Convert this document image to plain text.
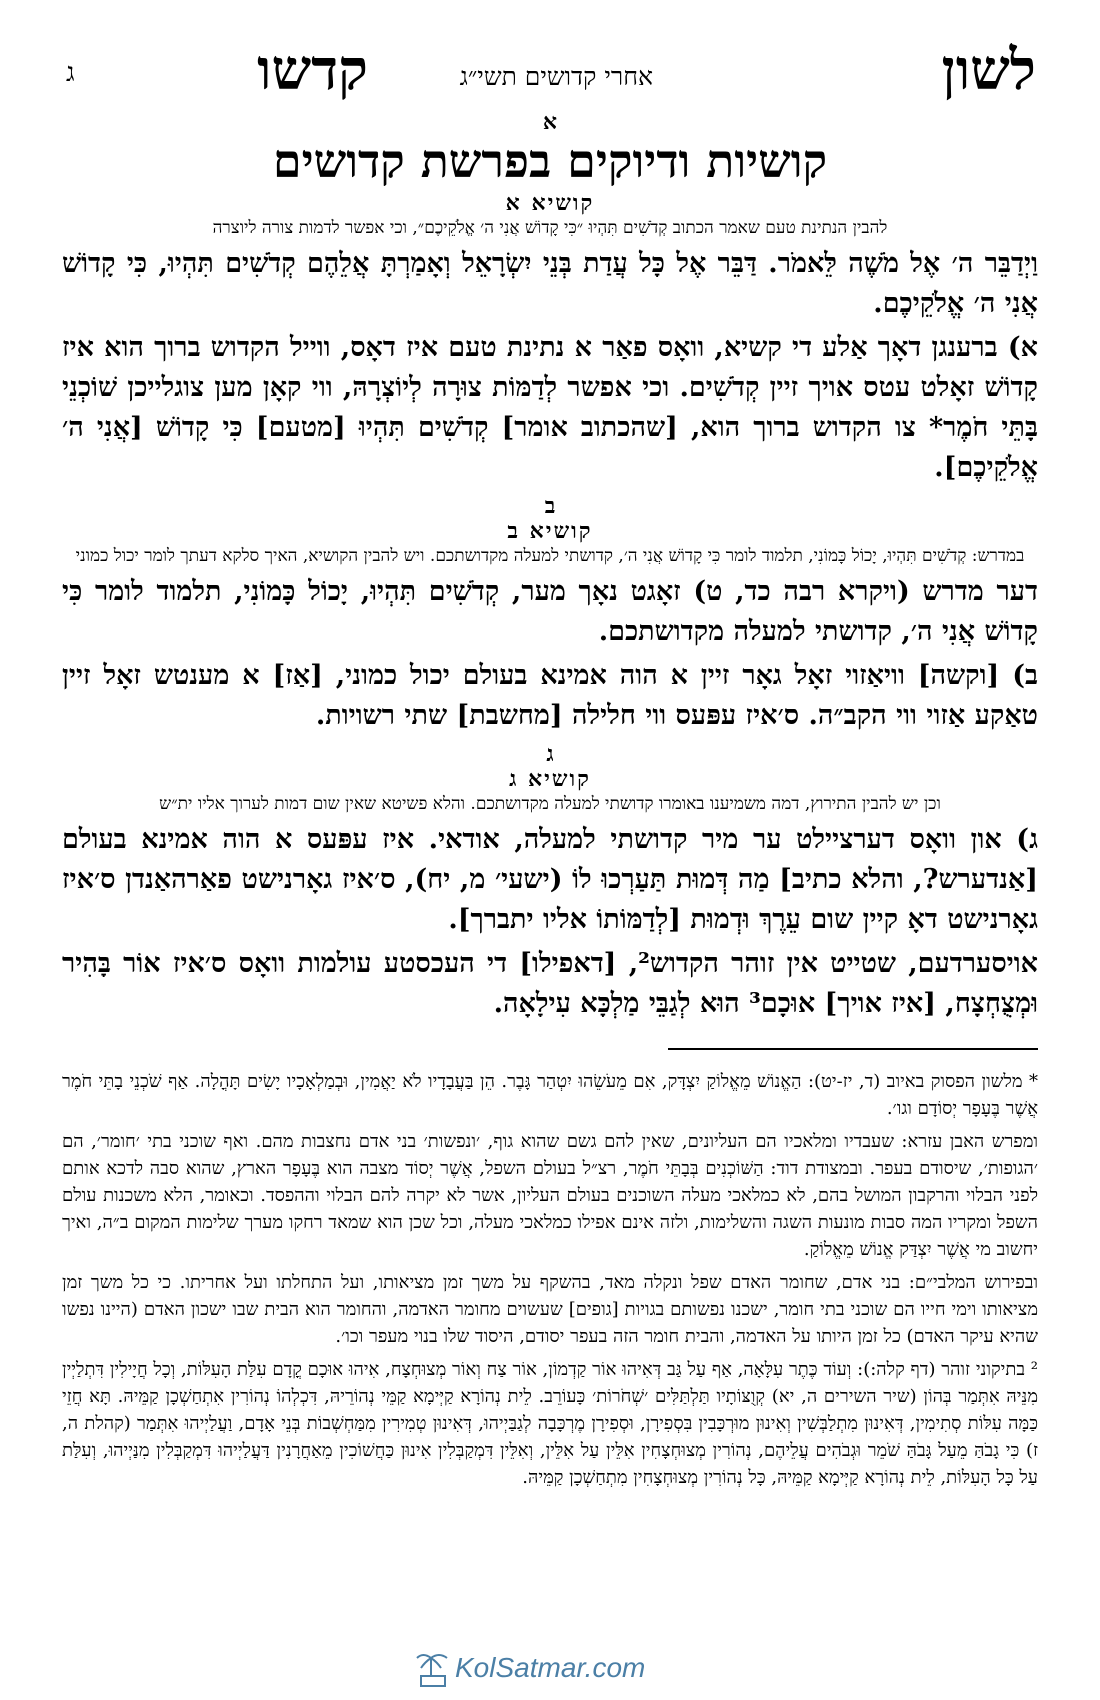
לשון
אחרי קדושים תשי״ג
קדשו
ג

א

קושיות ודיוקים בפרשת קדושים

קושיא א

להבין הנתינת טעם שאמר הכתוב קְדֹשִׁים תִּהְיוּ ״כִּי קָדוֹשׁ אֲנִי ה׳ אֱלֹקֵיכֶם״, וכי אפשר לדמות צורה ליוצרה

וַיְדַבֵּר ה׳ אֶל מֹשֶׁה לֵּאמֹר. דַּבֵּר אֶל כָּל עֲדַת בְּנֵי יִשְׂרָאֵל וְאָמַרְתָּ אֲלֵהֶם קְדֹשִׁים תִּהְיוּ, כִּי קָדוֹשׁ אֲנִי ה׳ אֱלֹקֵיכֶם.

א) ברענגן דאָך אַלע די קשיא, וואָס פאַר א נתינת טעם איז דאָס, ווייל הקדוש ברוך הוא איז קָדוֹשׁ זאָלט עטס אויך זיין קְדֹשִׁים. וכי אפשר לְדַמּוֹת צוּרָה לְיוֹצְרָהּ, ווי קאָן מען צוגלייכן שׁוֹכְנֵי בָּתֵּי חֹמֶר* צו הקדוש ברוך הוא, [שהכתוב אומר] קְדֹשִׁים תִּהְיוּ [מטעם] כִּי קָדוֹשׁ [אֲנִי ה׳ אֱלֹקֵיכֶם].

ב

קושיא ב

במדרש: קְדֹשִׁים תִּהְיוּ, יָכוֹל כָּמוֹנִי, תלמוד לומר כִּי קָדוֹשׁ אֲנִי ה׳, קדושתי למעלה מקדושתכם. ויש להבין הקושיא, האיך סלקא דעתך לומר יכול כמוני

דער מדרש (ויקרא רבה כד, ט) זאָגט נאָך מער, קְדֹשִׁים תִּהְיוּ, יָכוֹל כָּמוֹנִי, תלמוד לומר כִּי קָדוֹשׁ אֲנִי ה׳, קדושתי למעלה מקדושתכם.

ב) [וקשה] וויאַזוי זאָל גאָר זיין א הוה אמינא בעולם יכול כמוני, [אַז] א מענטש זאָל זיין טאַקע אַזוי ווי הקב״ה. ס׳איז עפּעס ווי חלילה [מחשבת] שתי רשויות.

ג

קושיא ג

וכן יש להבין התירוץ, דמה משמיענו באומרו קדושתי למעלה מקדושתכם. והלא פשיטא שאין שום דמות לערוך אליו ית״ש

ג) און וואָס דערציילט ער מיר קדושתי למעלה, אודאי. איז עפּעס א הוה אמינא בעולם [אַנדערש?, והלא כתיב] מַה דְּמוּת תַּעַרְכוּ לוֹ (ישעי׳ מ, יח), ס׳איז גאָרנישט פאַרהאַנדן ס׳איז גאָרנישט דאָ קיין שום עֵרֶךְ וּדְמוּת [לְדַמּוֹתוֹ אליו יתברך].

אויסערדעם, שטייט אין זוהר הקדוש², [דאפילו] די העכסטע עולמות וואָס ס׳איז אוֹר בָּהִיר וּמְצֻחְצָח, [איז אויך] אוּכָם³ הוּא לְגַבֵּי מַלְכָּא עִילָאָה.

* מלשון הפסוק באיוב (ד, יז-יט): הַאֱנוֹשׁ מֵאֱלוֹקַ יִצְדָּק, אִם מֵעֹשֵׂהוּ יִטְהַר גָּבֶר. הֵן בַּעֲבָדָיו לֹא יַאֲמִין, וּבְמַלְאָכָיו יָשִׂים תָּהֳלָה. אַף שֹׁכְנֵי בָתֵּי חֹמֶר אֲשֶׁר בֶּעָפָר יְסוֹדָם וגו׳.

ומפרש האבן עזרא: שעבדיו ומלאכיו הם העליונים, שאין להם גשם שהוא גוף, ׳ונפשות׳ בני אדם נחצבות מהם. ואף שוכני בתי ׳חומר׳, הם ׳הגופות׳, שיסודם בעפר. ובמצודת דוד: הַשּׁוֹכְנִים בְּבָתֵּי חֹמֶר, רצ״ל בעולם השפל, אֲשֶׁר יְסוֹד מצבה הוא בֶּעָפָר הארץ, שהוא סבה לדכא אותם לפני הבלוי והרקבון המושל בהם, לא כמלאכי מעלה השוכנים בעולם העליון, אשר לא יקרה להם הבלוי וההפסד. וכאומר, הלא משכנות עולם השפל ומקריו המה סבות מונעות השגה והשלימות, ולזה אינם אפילו כמלאכי מעלה, וכל שכן הוא שמאד רחקו מערך שלימות המקום ב״ה, ואיך יחשוב מי אֲשֶׁר יִצְדַּק אֱנוֹשׁ מֵאֱלוֹקַ.

ובפירוש המלבי״ם: בני אדם, שחומר האדם שפל ונקלה מאד, בהשקף על משך זמן מציאותו, ועל התחלתו ועל אחריתו. כי כל משך זמן מציאותו וימי חייו הם שוכני בתי חומר, ישכנו נפשותם בגויות [גופים] שעשוים מחומר האדמה, והחומר הוא הבית שבו ישכון האדם (היינו נפשו שהיא עיקר האדם) כל זמן היותו על האדמה, והבית חומר הזה בעפר יסודם, היסוד שלו בנוי מעפר וכו׳.

² בתיקוני זוהר (דף קלה:): וְעוֹד כֶּתֶר עִלָּאָה, אַף עַל גַּב דְּאִיהוּ אוֹר קַדְמוֹן, אוֹר צַח וְאוֹר מְצוּחְצָח, אִיהוּ אוּכָם קֳדָם עִלַּת הָעִלּוֹת, וְכָל חֲיָילִין דִּתְלַיְין מִנֵּיהּ אִתְּמַר בְּהוֹן (שיר השירים ה, יא) קְוֻצּוֹתָיו תַּלְתַּלִּים ׳שְׁחֹרוֹת׳ כָּעוֹרֵב. לֵית נְהוֹרָא קַיְּימָא קַמֵּי נְהוֹרֵיהּ, דִּכְלְהוֹ נְהוֹרִין אִתְחַשְׁכָן קַמֵּיהּ. תָּא חֲזֵי כַּמָּה עִלּוֹת סְתִימִין, דְּאִינוּן מִתְלַבְּשִׁין וְאִינוּן מוּרְכָּבִין בִּסְפִירָן, וּסְפִירָן מֶרְכָּבָה לְגַבַּיְיהוּ, דְּאִינוּן טְמִירִין מִמַּחְשְׁבוֹת בְּנֵי אָדָם, וַעֲלַיְיהוּ אִתְּמַר (קהלת ה, ז) כִּי גָבֹהַּ מֵעַל גָּבֹהַּ שֹׁמֵר וּגְבֹהִים עֲלֵיהֶם, נְהוֹרִין מְצוּחְצָחִין אִלֵּין עַל אִלֵּין, וְאִלֵּין דִּמְקַבְּלִין אִינוּן כַּחֲשׁוֹכִין מֵאַחֲרָנִין דַּעֲלַיְיהוּ דִּמְקַבְּלִין מִנַּיְיהוּ, וְעִלַּת עַל כָּל הָעִלּוֹת, לֵית נְהוֹרָא קַיְּימָא קַמֵּיהּ, כָּל נְהוֹרִין מְצוּחְצָחִין מִתְחַשְׁכָן קַמֵּיהּ.

KolSatmar.com
